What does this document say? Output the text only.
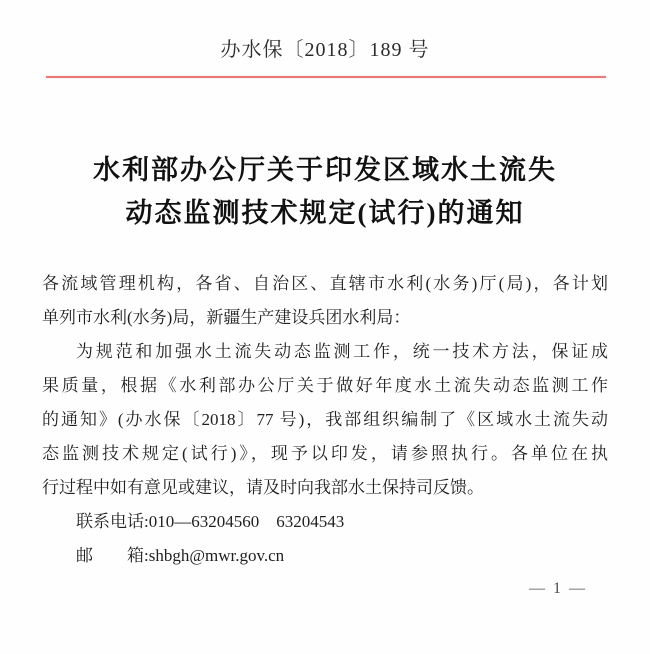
办水保〔2018〕189 号
水利部办公厅关于印发区域水土流失
动态监测技术规定(试行)的通知
各流域管理机构，各省、自治区、直辖市水利(水务)厅(局)，各计划
单列市水利(水务)局，新疆生产建设兵团水利局：
为规范和加强水土流失动态监测工作，统一技术方法，保证成
果质量，根据《水利部办公厅关于做好年度水土流失动态监测工作
的通知》(办水保〔2018〕77 号)，我部组织编制了《区域水土流失动
态监测技术规定(试行)》，现予以印发，请参照执行。各单位在执
行过程中如有意见或建议，请及时向我部水土保持司反馈。
联系电话:010—63204560　63204543
邮　　箱:shbgh@mwr.gov.cn
— 1 —
